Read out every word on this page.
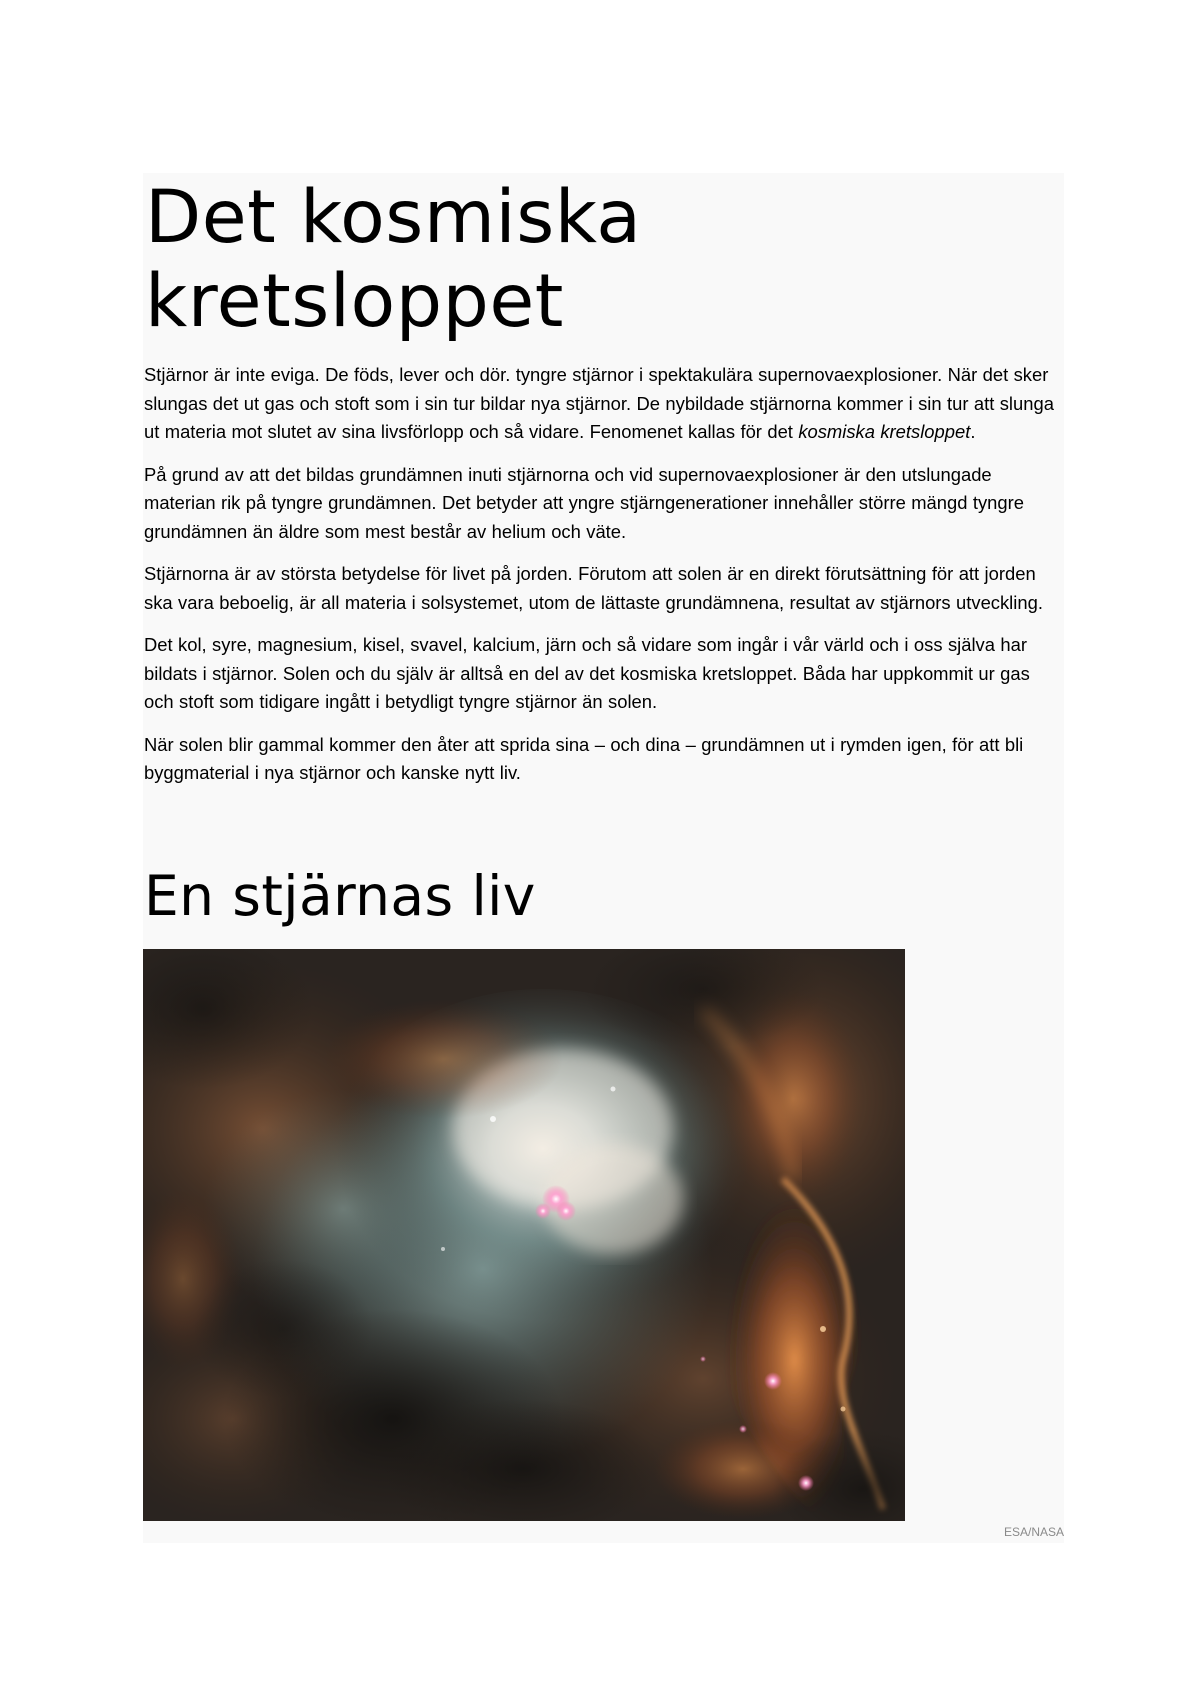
Det kosmiska
kretsloppet

Stjärnor är inte eviga. De föds, lever och dör. tyngre stjärnor i spektakulära supernovaexplosioner. När det sker slungas det ut gas och stoft som i sin tur bildar nya stjärnor. De nybildade stjärnorna kommer i sin tur att slunga ut materia mot slutet av sina livsförlopp och så vidare. Fenomenet kallas för det kosmiska kretsloppet.

På grund av att det bildas grundämnen inuti stjärnorna och vid supernovaexplosioner är den utslungade materian rik på tyngre grundämnen. Det betyder att yngre stjärngenerationer innehåller större mängd tyngre grundämnen än äldre som mest består av helium och väte.

Stjärnorna är av största betydelse för livet på jorden. Förutom att solen är en direkt förutsättning för att jorden ska vara beboelig, är all materia i solsystemet, utom de lättaste grundämnena, resultat av stjärnors utveckling.

Det kol, syre, magnesium, kisel, svavel, kalcium, järn och så vidare som ingår i vår värld och i oss själva har bildats i stjärnor. Solen och du själv är alltså en del av det kosmiska kretsloppet. Båda har uppkommit ur gas och stoft som tidigare ingått i betydligt tyngre stjärnor än solen.

När solen blir gammal kommer den åter att sprida sina – och dina – grundämnen ut i rymden igen, för att bli byggmaterial i nya stjärnor och kanske nytt liv.

En stjärnas liv
ESA/NASA
